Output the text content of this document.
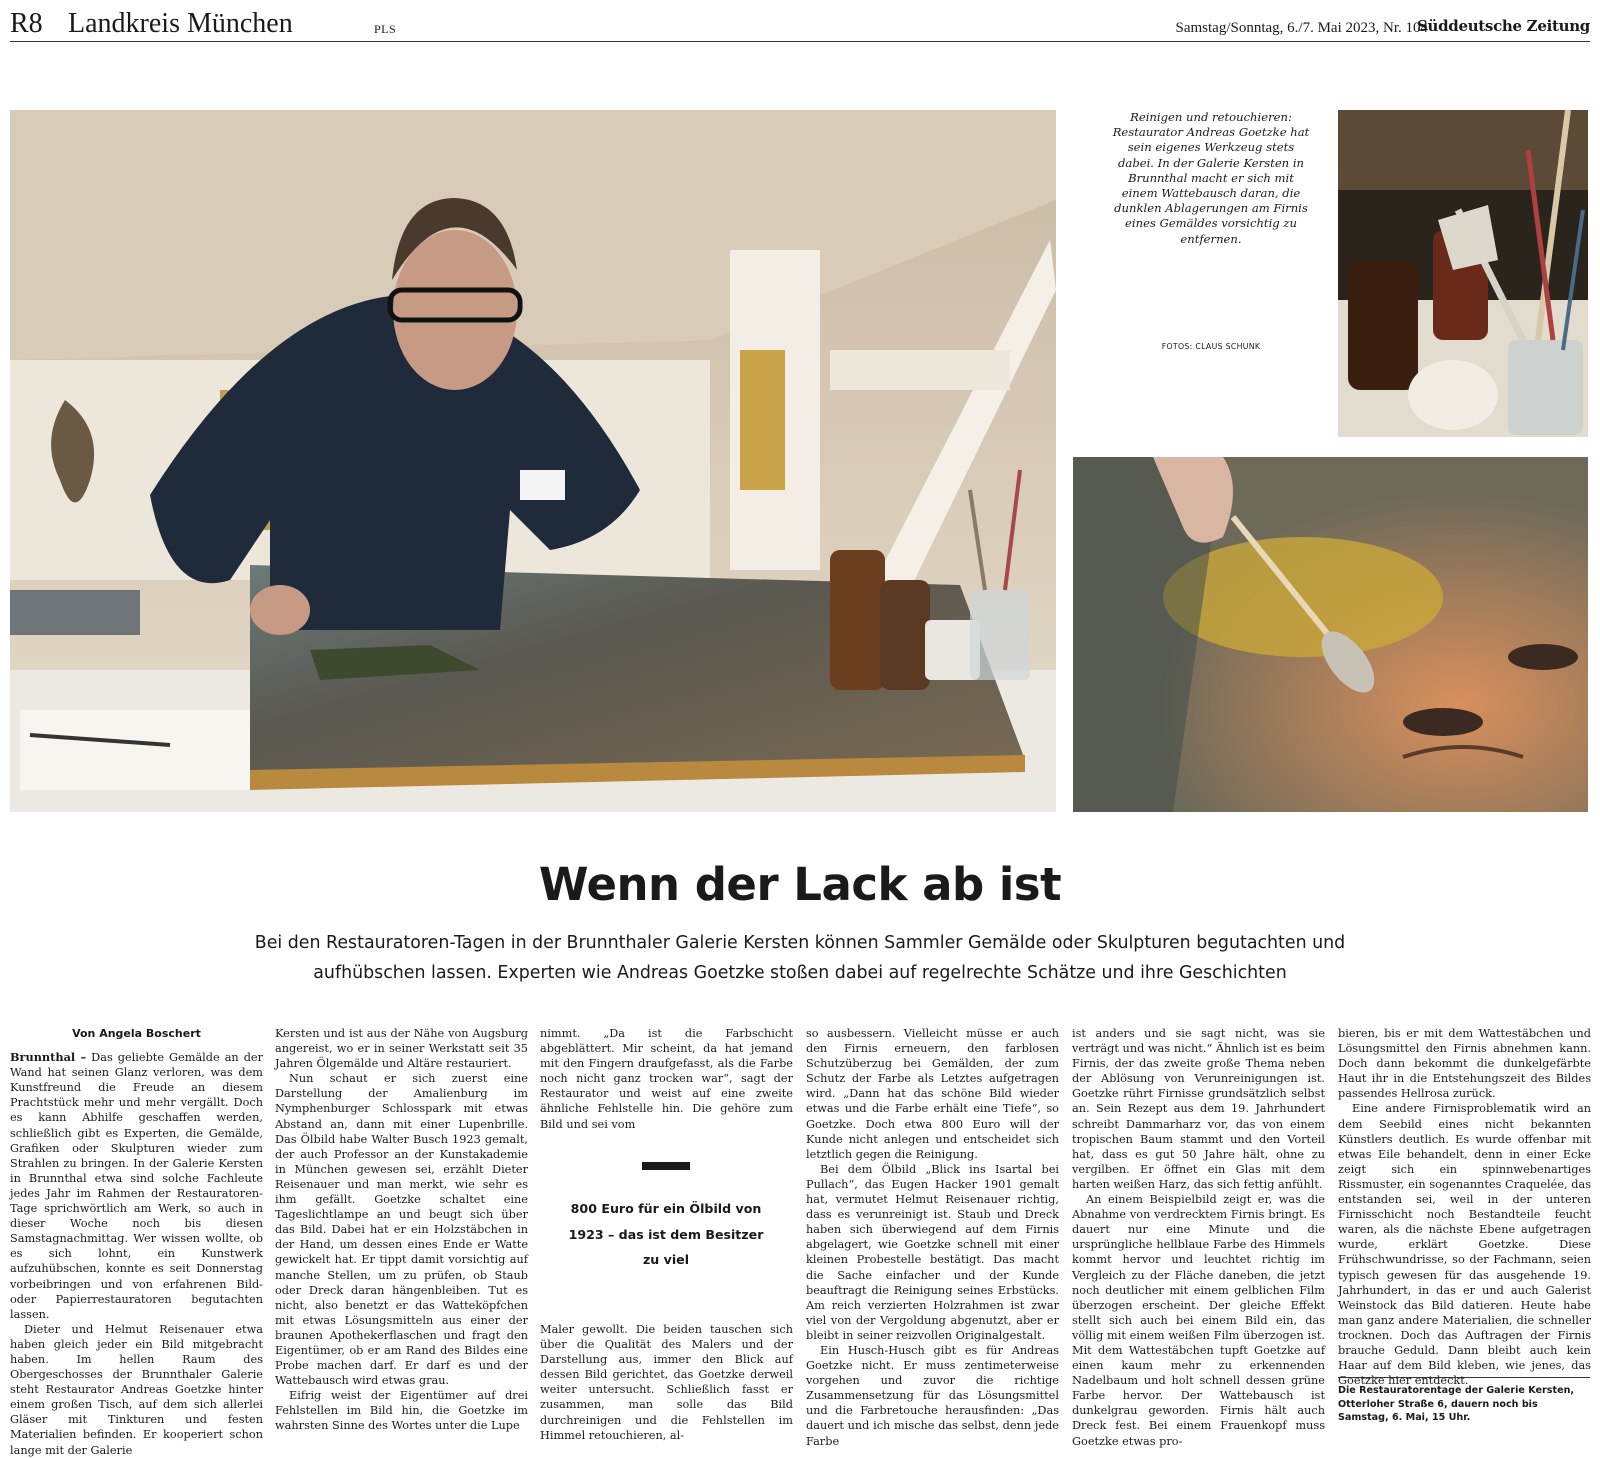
R8 Landkreis München	PLS	Samstag/Sonntag, 6./7. Mai 2023, Nr. 104
Süddeutsche Zeitung
Reinigen und retouchieren: Restaurator Andreas Goetzke hat sein eigenes Werkzeug stets dabei. In der Galerie Kersten in Brunnthal macht er sich mit einem Wattebausch daran, die dunklen Ablagerungen am Firnis eines Gemäldes vorsichtig zu entfernen.
FOTOS: CLAUS SCHUNK
Wenn der Lack ab ist
Bei den Restauratoren-Tagen in der Brunnthaler Galerie Kersten können Sammler Gemälde oder Skulpturen begutachten und aufhübschen lassen. Experten wie Andreas Goetzke stoßen dabei auf regelrechte Schätze und ihre Geschichten

Von Angela Boschert

Brunnthal – Das geliebte Gemälde an der Wand hat seinen Glanz verloren, was dem Kunstfreund die Freude an diesem Prachtstück mehr und mehr vergällt. Doch es kann Abhilfe geschaffen werden, schließlich gibt es Experten, die Gemälde, Grafiken oder Skulpturen wieder zum Strahlen zu bringen. In der Galerie Kersten in Brunnthal etwa sind solche Fachleute jedes Jahr im Rahmen der Restauratoren-Tage sprichwörtlich am Werk, so auch in dieser Woche noch bis diesen Samstagnachmittag. Wer wissen wollte, ob es sich lohnt, ein Kunstwerk aufzuhübschen, konnte es seit Donnerstag vorbeibringen und von erfahrenen Bild- oder Papierrestauratoren begutachten lassen.

Dieter und Helmut Reisenauer etwa haben gleich jeder ein Bild mitgebracht haben. Im hellen Raum des Obergeschosses der Brunnthaler Galerie steht Restaurator Andreas Goetzke hinter einem großen Tisch, auf dem sich allerlei Gläser mit Tinkturen und festen Materialien befinden. Er kooperiert schon lange mit der Galerie

Kersten und ist aus der Nähe von Augsburg angereist, wo er in seiner Werkstatt seit 35 Jahren Ölgemälde und Altäre restauriert.

Nun schaut er sich zuerst eine Darstellung der Amalienburg im Nymphenburger Schlosspark mit etwas Abstand an, dann mit einer Lupenbrille. Das Ölbild habe Walter Busch 1923 gemalt, der auch Professor an der Kunstakademie in München gewesen sei, erzählt Dieter Reisenauer und man merkt, wie sehr es ihm gefällt. Goetzke schaltet eine Tageslichtlampe an und beugt sich über das Bild. Dabei hat er ein Holzstäbchen in der Hand, um dessen eines Ende er Watte gewickelt hat. Er tippt damit vorsichtig auf manche Stellen, um zu prüfen, ob Staub oder Dreck daran hängenbleiben. Tut es nicht, also benetzt er das Watteköpfchen mit etwas Lösungsmitteln aus einer der braunen Apothekerflaschen und fragt den Eigentümer, ob er am Rand des Bildes eine Probe machen darf. Er darf es und der Wattebausch wird etwas grau.

Eifrig weist der Eigentümer auf drei Fehlstellen im Bild hin, die Goetzke im wahrsten Sinne des Wortes unter die Lupe

nimmt. „Da ist die Farbschicht abgeblättert. Mir scheint, da hat jemand mit den Fingern draufgefasst, als die Farbe noch nicht ganz trocken war“, sagt der Restaurator und weist auf eine zweite ähnliche Fehlstelle hin. Die gehöre zum Bild und sei vom

800 Euro für ein Ölbild von 1923 – das ist dem Besitzer zu viel

Maler gewollt. Die beiden tauschen sich über die Qualität des Malers und der Darstellung aus, immer den Blick auf dessen Bild gerichtet, das Goetzke derweil weiter untersucht. Schließlich fasst er zusammen, man solle das Bild durchreinigen und die Fehlstellen im Himmel retouchieren, al-

so ausbessern. Vielleicht müsse er auch den Firnis erneuern, den farblosen Schutzüberzug bei Gemälden, der zum Schutz der Farbe als Letztes aufgetragen wird. „Dann hat das schöne Bild wieder etwas und die Farbe erhält eine Tiefe“, so Goetzke. Doch etwa 800 Euro will der Kunde nicht anlegen und entscheidet sich letztlich gegen die Reinigung.

Bei dem Ölbild „Blick ins Isartal bei Pullach“, das Eugen Hacker 1901 gemalt hat, vermutet Helmut Reisenauer richtig, dass es verunreinigt ist. Staub und Dreck haben sich überwiegend auf dem Firnis abgelagert, wie Goetzke schnell mit einer kleinen Probestelle bestätigt. Das macht die Sache einfacher und der Kunde beauftragt die Reinigung seines Erbstücks. Am reich verzierten Holzrahmen ist zwar viel von der Vergoldung abgenutzt, aber er bleibt in seiner reizvollen Originalgestalt.

Ein Husch-Husch gibt es für Andreas Goetzke nicht. Er muss zentimeterweise vorgehen und zuvor die richtige Zusammensetzung für das Lösungsmittel und die Farbretouche herausfinden: „Das dauert und ich mische das selbst, denn jede Farbe

ist anders und sie sagt nicht, was sie verträgt und was nicht.“ Ähnlich ist es beim Firnis, der das zweite große Thema neben der Ablösung von Verunreinigungen ist. Goetzke rührt Firnisse grundsätzlich selbst an. Sein Rezept aus dem 19. Jahrhundert schreibt Dammarharz vor, das von einem tropischen Baum stammt und den Vorteil hat, dass es gut 50 Jahre hält, ohne zu vergilben. Er öffnet ein Glas mit dem harten weißen Harz, das sich fettig anfühlt.

An einem Beispielbild zeigt er, was die Abnahme von verdrecktem Firnis bringt. Es dauert nur eine Minute und die ursprüngliche hellblaue Farbe des Himmels kommt hervor und leuchtet richtig im Vergleich zu der Fläche daneben, die jetzt noch deutlicher mit einem gelblichen Film überzogen erscheint. Der gleiche Effekt stellt sich auch bei einem Bild ein, das völlig mit einem weißen Film überzogen ist. Mit dem Wattestäbchen tupft Goetzke auf einen kaum mehr zu erkennenden Nadelbaum und holt schnell dessen grüne Farbe hervor. Der Wattebausch ist dunkelgrau geworden. Firnis hält auch Dreck fest. Bei einem Frauenkopf muss Goetzke etwas pro-

bieren, bis er mit dem Wattestäbchen und Lösungsmittel den Firnis abnehmen kann. Doch dann bekommt die dunkelgefärbte Haut ihr in die Entstehungszeit des Bildes passendes Hellrosa zurück.

Eine andere Firnisproblematik wird an dem Seebild eines nicht bekannten Künstlers deutlich. Es wurde offenbar mit etwas Eile behandelt, denn in einer Ecke zeigt sich ein spinnwebenartiges Rissmuster, ein sogenanntes Craquelée, das entstanden sei, weil in der unteren Firnisschicht noch Bestandteile feucht waren, als die nächste Ebene aufgetragen wurde, erklärt Goetzke. Diese Frühschwundrisse, so der Fachmann, seien typisch gewesen für das ausgehende 19. Jahrhundert, in das er und auch Galerist Weinstock das Bild datieren. Heute habe man ganz andere Materialien, die schneller trocknen. Doch das Auftragen der Firnis brauche Geduld. Dann bleibt auch kein Haar auf dem Bild kleben, wie jenes, das Goetzke hier entdeckt.

Die Restauratorentage der Galerie Kersten, Otterloher Straße 6, dauern noch bis Samstag, 6. Mai, 15 Uhr.
